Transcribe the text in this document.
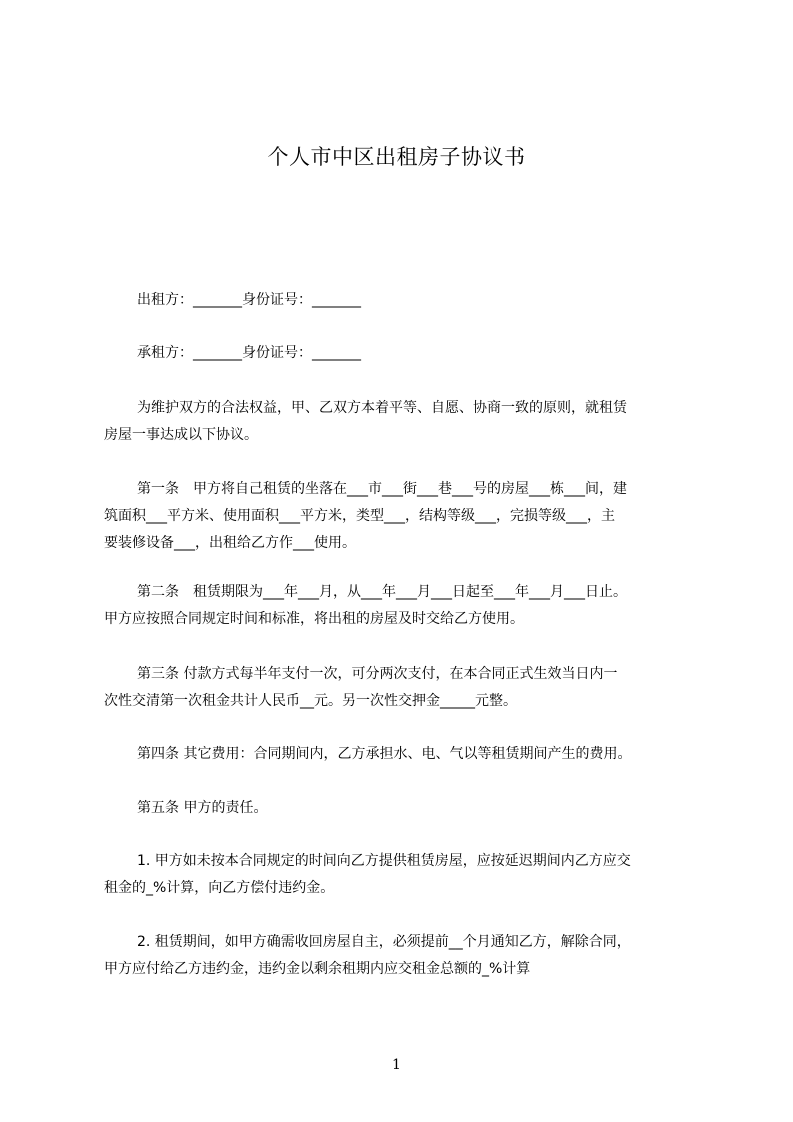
个人市中区出租房子协议书

出租方：_______身份证号：_______

承租方：_______身份证号：_______

为维护双方的合法权益，甲、乙双方本着平等、自愿、协商一致的原则，就租赁

房屋一事达成以下协议。

第一条　甲方将自己租赁的坐落在___市___街___巷___号的房屋___栋___间，建

筑面积___平方米、使用面积___平方米，类型___，结构等级___，完损等级___，主

要装修设备___，出租给乙方作___使用。

第二条　租赁期限为___年___月，从___年___月___日起至___年___月___日止。

甲方应按照合同规定时间和标准，将出租的房屋及时交给乙方使用。

第三条 付款方式每半年支付一次，可分两次支付，在本合同正式生效当日内一

次性交清第一次租金共计人民币__元。另一次性交押金_____元整。

第四条 其它费用：合同期间内，乙方承担水、电、气以等租赁期间产生的费用。

第五条 甲方的责任。

1. 甲方如未按本合同规定的时间向乙方提供租赁房屋，应按延迟期间内乙方应交

租金的_%计算，向乙方偿付违约金。

2. 租赁期间，如甲方确需收回房屋自主，必须提前__个月通知乙方，解除合同，

甲方应付给乙方违约金，违约金以剩余租期内应交租金总额的_%计算

1
